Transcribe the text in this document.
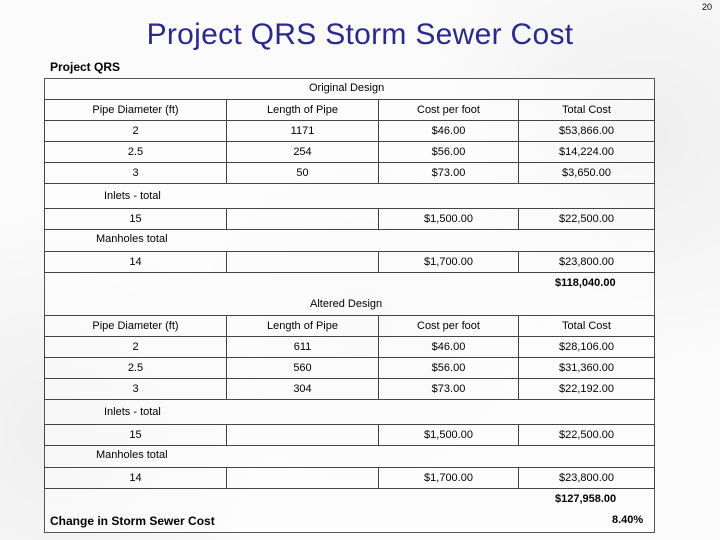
20
Project QRS Storm Sewer Cost
Project QRS
Original Design
Pipe Diameter (ft)	Length of Pipe	Cost per foot	Total Cost
2	1171	$46.00	$53,866.00
2.5	254	$56.00	$14,224.00
3	50	$73.00	$3,650.00
Inlets - total
15		$1,500.00	$22,500.00
Manholes total
14		$1,700.00	$23,800.00
$118,040.00
Altered Design
Pipe Diameter (ft)	Length of Pipe	Cost per foot	Total Cost
2	611	$46.00	$28,106.00
2.5	560	$56.00	$31,360.00
3	304	$73.00	$22,192.00
Inlets - total
15		$1,500.00	$22,500.00
Manholes total
14		$1,700.00	$23,800.00
$127,958.00
Change in Storm Sewer Cost	8.40%
